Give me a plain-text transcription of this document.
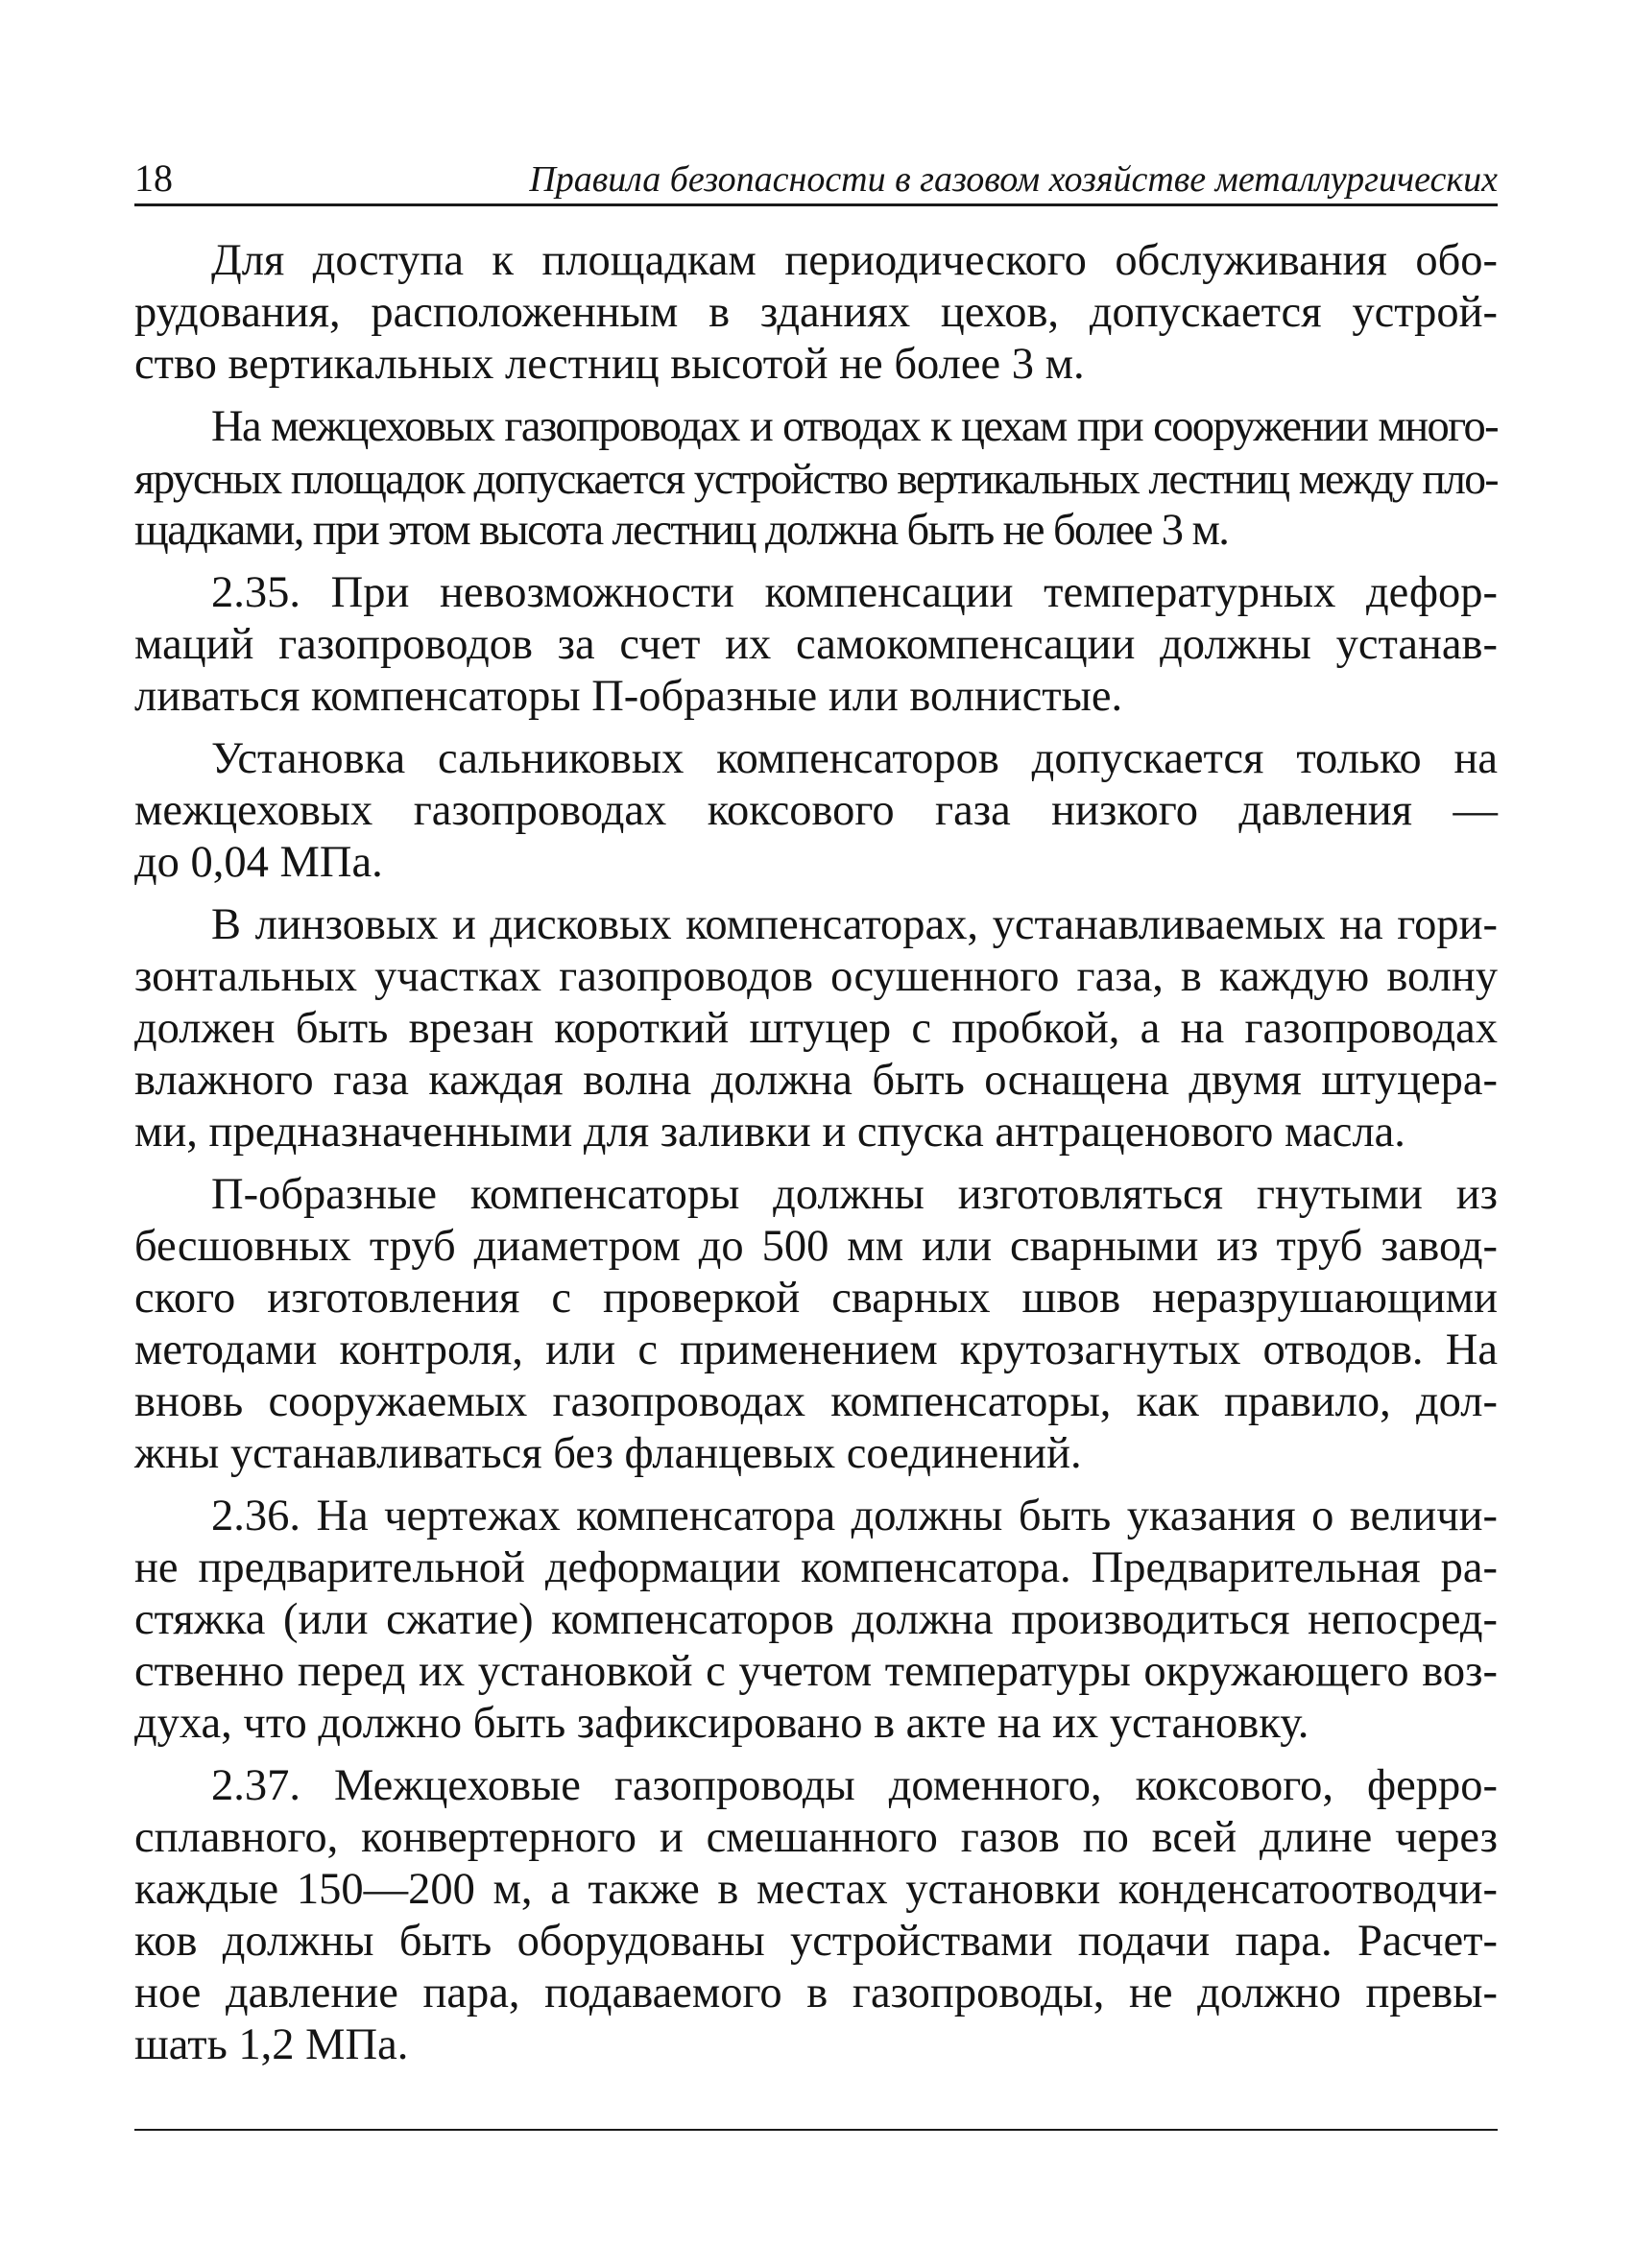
18	Правила безопасности в газовом хозяйстве металлургических

Для доступа к площадкам периодического обслуживания обо-
рудования, расположенным в зданиях цехов, допускается устрой-
ство вертикальных лестниц высотой не более 3 м.

На межцеховых газопроводах и отводах к цехам при сооружении много-
ярусных площадок допускается устройство вертикальных лестниц между пло-
щадками, при этом высота лестниц должна быть не более 3 м.

2.35. При невозможности компенсации температурных дефор-
маций газопроводов за счет их самокомпенсации должны устанав-
ливаться компенсаторы П-образные или волнистые.

Установка сальниковых компенсаторов допускается только на
межцеховых газопроводах коксового газа низкого давления —
до 0,04 МПа.

В линзовых и дисковых компенсаторах, устанавливаемых на гори-
зонтальных участках газопроводов осушенного газа, в каждую волну
должен быть врезан короткий штуцер с пробкой, а на газопроводах
влажного газа каждая волна должна быть оснащена двумя штуцера-
ми, предназначенными для заливки и спуска антраценового масла.

П-образные компенсаторы должны изготовляться гнутыми из
бесшовных труб диаметром до 500 мм или сварными из труб завод-
ского изготовления с проверкой сварных швов неразрушающими
методами контроля, или с применением крутозагнутых отводов. На
вновь сооружаемых газопроводах компенсаторы, как правило, дол-
жны устанавливаться без фланцевых соединений.

2.36. На чертежах компенсатора должны быть указания о величи-
не предварительной деформации компенсатора. Предварительная ра-
стяжка (или сжатие) компенсаторов должна производиться непосред-
ственно перед их установкой с учетом температуры окружающего воз-
духа, что должно быть зафиксировано в акте на их установку.

2.37. Межцеховые газопроводы доменного, коксового, ферро-
сплавного, конвертерного и смешанного газов по всей длине через
каждые 150—200 м, а также в местах установки конденсатоотводчи-
ков должны быть оборудованы устройствами подачи пара. Расчет-
ное давление пара, подаваемого в газопроводы, не должно превы-
шать 1,2 МПа.
